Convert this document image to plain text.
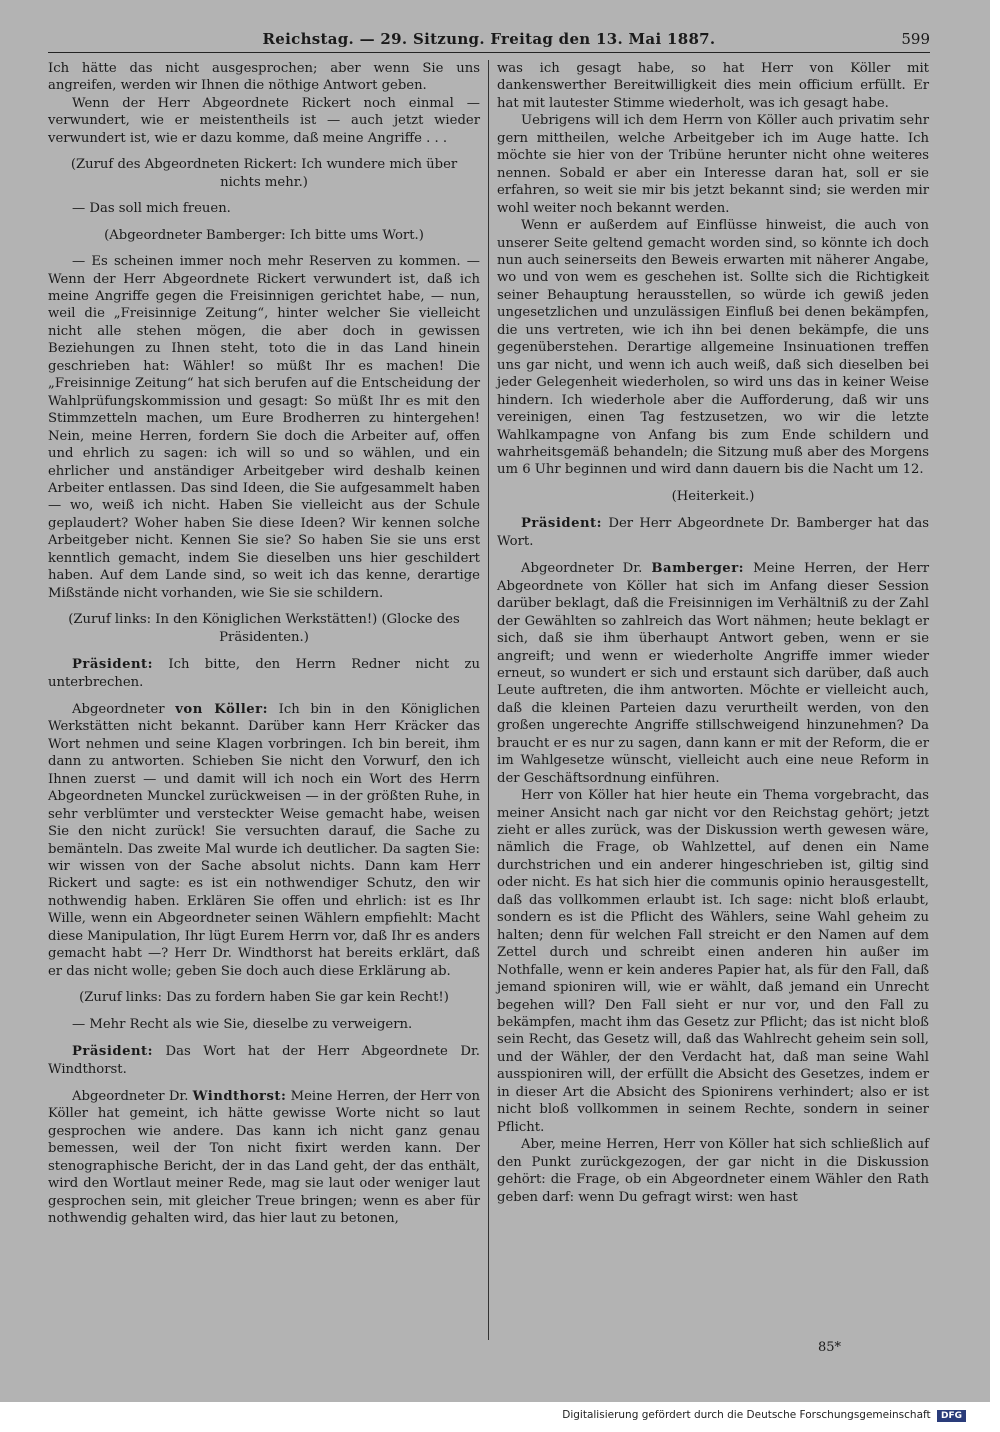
Reichstag. — 29. Sitzung. Freitag den 13. Mai 1887.	599

Ich hätte das nicht ausgesprochen; aber wenn Sie uns angreifen, werden wir Ihnen die nöthige Antwort geben.

Wenn der Herr Abgeordnete Rickert noch einmal — verwundert, wie er meistentheils ist — auch jetzt wieder verwundert ist, wie er dazu komme, daß meine Angriffe . . .

(Zuruf des Abgeordneten Rickert: Ich wundere mich über nichts mehr.)

— Das soll mich freuen.

(Abgeordneter Bamberger: Ich bitte ums Wort.)

— Es scheinen immer noch mehr Reserven zu kommen. — Wenn der Herr Abgeordnete Rickert verwundert ist, daß ich meine Angriffe gegen die Freisinnigen gerichtet habe, — nun, weil die „Freisinnige Zeitung“, hinter welcher Sie vielleicht nicht alle stehen mögen, die aber doch in gewissen Beziehungen zu Ihnen steht, toto die in das Land hinein geschrieben hat: Wähler! so müßt Ihr es machen! Die „Freisinnige Zeitung“ hat sich berufen auf die Entscheidung der Wahlprüfungskommission und gesagt: So müßt Ihr es mit den Stimmzetteln machen, um Eure Brodherren zu hintergehen! Nein, meine Herren, fordern Sie doch die Arbeiter auf, offen und ehrlich zu sagen: ich will so und so wählen, und ein ehrlicher und anständiger Arbeitgeber wird deshalb keinen Arbeiter entlassen. Das sind Ideen, die Sie aufgesammelt haben — wo, weiß ich nicht. Haben Sie vielleicht aus der Schule geplaudert? Woher haben Sie diese Ideen? Wir kennen solche Arbeitgeber nicht. Kennen Sie sie? So haben Sie sie uns erst kenntlich gemacht, indem Sie dieselben uns hier geschildert haben. Auf dem Lande sind, so weit ich das kenne, derartige Mißstände nicht vorhanden, wie Sie sie schildern.

(Zuruf links: In den Königlichen Werkstätten!) (Glocke des Präsidenten.)

Präsident: Ich bitte, den Herrn Redner nicht zu unterbrechen.

Abgeordneter von Köller: Ich bin in den Königlichen Werkstätten nicht bekannt. Darüber kann Herr Kräcker das Wort nehmen und seine Klagen vorbringen. Ich bin bereit, ihm dann zu antworten. Schieben Sie nicht den Vorwurf, den ich Ihnen zuerst — und damit will ich noch ein Wort des Herrn Abgeordneten Munckel zurückweisen — in der größten Ruhe, in sehr verblümter und versteckter Weise gemacht habe, weisen Sie den nicht zurück! Sie versuchten darauf, die Sache zu bemänteln. Das zweite Mal wurde ich deutlicher. Da sagten Sie: wir wissen von der Sache absolut nichts. Dann kam Herr Rickert und sagte: es ist ein nothwendiger Schutz, den wir nothwendig haben. Erklären Sie offen und ehrlich: ist es Ihr Wille, wenn ein Abgeordneter seinen Wählern empfiehlt: Macht diese Manipulation, Ihr lügt Eurem Herrn vor, daß Ihr es anders gemacht habt —? Herr Dr. Windthorst hat bereits erklärt, daß er das nicht wolle; geben Sie doch auch diese Erklärung ab.

(Zuruf links: Das zu fordern haben Sie gar kein Recht!)

— Mehr Recht als wie Sie, dieselbe zu verweigern.

Präsident: Das Wort hat der Herr Abgeordnete Dr. Windthorst.

Abgeordneter Dr. Windthorst: Meine Herren, der Herr von Köller hat gemeint, ich hätte gewisse Worte nicht so laut gesprochen wie andere. Das kann ich nicht ganz genau bemessen, weil der Ton nicht fixirt werden kann. Der stenographische Bericht, der in das Land geht, der das enthält, wird den Wortlaut meiner Rede, mag sie laut oder weniger laut gesprochen sein, mit gleicher Treue bringen; wenn es aber für nothwendig gehalten wird, das hier laut zu betonen,

was ich gesagt habe, so hat Herr von Köller mit dankenswerther Bereitwilligkeit dies mein officium erfüllt. Er hat mit lautester Stimme wiederholt, was ich gesagt habe.

Uebrigens will ich dem Herrn von Köller auch privatim sehr gern mittheilen, welche Arbeitgeber ich im Auge hatte. Ich möchte sie hier von der Tribüne herunter nicht ohne weiteres nennen. Sobald er aber ein Interesse daran hat, soll er sie erfahren, so weit sie mir bis jetzt bekannt sind; sie werden mir wohl weiter noch bekannt werden.

Wenn er außerdem auf Einflüsse hinweist, die auch von unserer Seite geltend gemacht worden sind, so könnte ich doch nun auch seinerseits den Beweis erwarten mit näherer Angabe, wo und von wem es geschehen ist. Sollte sich die Richtigkeit seiner Behauptung herausstellen, so würde ich gewiß jeden ungesetzlichen und unzulässigen Einfluß bei denen bekämpfen, die uns vertreten, wie ich ihn bei denen bekämpfe, die uns gegenüberstehen. Derartige allgemeine Insinuationen treffen uns gar nicht, und wenn ich auch weiß, daß sich dieselben bei jeder Gelegenheit wiederholen, so wird uns das in keiner Weise hindern. Ich wiederhole aber die Aufforderung, daß wir uns vereinigen, einen Tag festzusetzen, wo wir die letzte Wahlkampagne von Anfang bis zum Ende schildern und wahrheitsgemäß behandeln; die Sitzung muß aber des Morgens um 6 Uhr beginnen und wird dann dauern bis die Nacht um 12.

(Heiterkeit.)

Präsident: Der Herr Abgeordnete Dr. Bamberger hat das Wort.

Abgeordneter Dr. Bamberger: Meine Herren, der Herr Abgeordnete von Köller hat sich im Anfang dieser Session darüber beklagt, daß die Freisinnigen im Verhältniß zu der Zahl der Gewählten so zahlreich das Wort nähmen; heute beklagt er sich, daß sie ihm überhaupt Antwort geben, wenn er sie angreift; und wenn er wiederholte Angriffe immer wieder erneut, so wundert er sich und erstaunt sich darüber, daß auch Leute auftreten, die ihm antworten. Möchte er vielleicht auch, daß die kleinen Parteien dazu verurtheilt werden, von den großen ungerechte Angriffe stillschweigend hinzunehmen? Da braucht er es nur zu sagen, dann kann er mit der Reform, die er im Wahlgesetze wünscht, vielleicht auch eine neue Reform in der Geschäftsordnung einführen.

Herr von Köller hat hier heute ein Thema vorgebracht, das meiner Ansicht nach gar nicht vor den Reichstag gehört; jetzt zieht er alles zurück, was der Diskussion werth gewesen wäre, nämlich die Frage, ob Wahlzettel, auf denen ein Name durchstrichen und ein anderer hingeschrieben ist, giltig sind oder nicht. Es hat sich hier die communis opinio herausgestellt, daß das vollkommen erlaubt ist. Ich sage: nicht bloß erlaubt, sondern es ist die Pflicht des Wählers, seine Wahl geheim zu halten; denn für welchen Fall streicht er den Namen auf dem Zettel durch und schreibt einen anderen hin außer im Nothfalle, wenn er kein anderes Papier hat, als für den Fall, daß jemand spioniren will, wie er wählt, daß jemand ein Unrecht begehen will? Den Fall sieht er nur vor, und den Fall zu bekämpfen, macht ihm das Gesetz zur Pflicht; das ist nicht bloß sein Recht, das Gesetz will, daß das Wahlrecht geheim sein soll, und der Wähler, der den Verdacht hat, daß man seine Wahl ausspioniren will, der erfüllt die Absicht des Gesetzes, indem er in dieser Art die Absicht des Spionirens verhindert; also er ist nicht bloß vollkommen in seinem Rechte, sondern in seiner Pflicht.

Aber, meine Herren, Herr von Köller hat sich schließlich auf den Punkt zurückgezogen, der gar nicht in die Diskussion gehört: die Frage, ob ein Abgeordneter einem Wähler den Rath geben darf: wenn Du gefragt wirst: wen hast

85*
Digitalisierung gefördert durch die Deutsche Forschungsgemeinschaft DFG
